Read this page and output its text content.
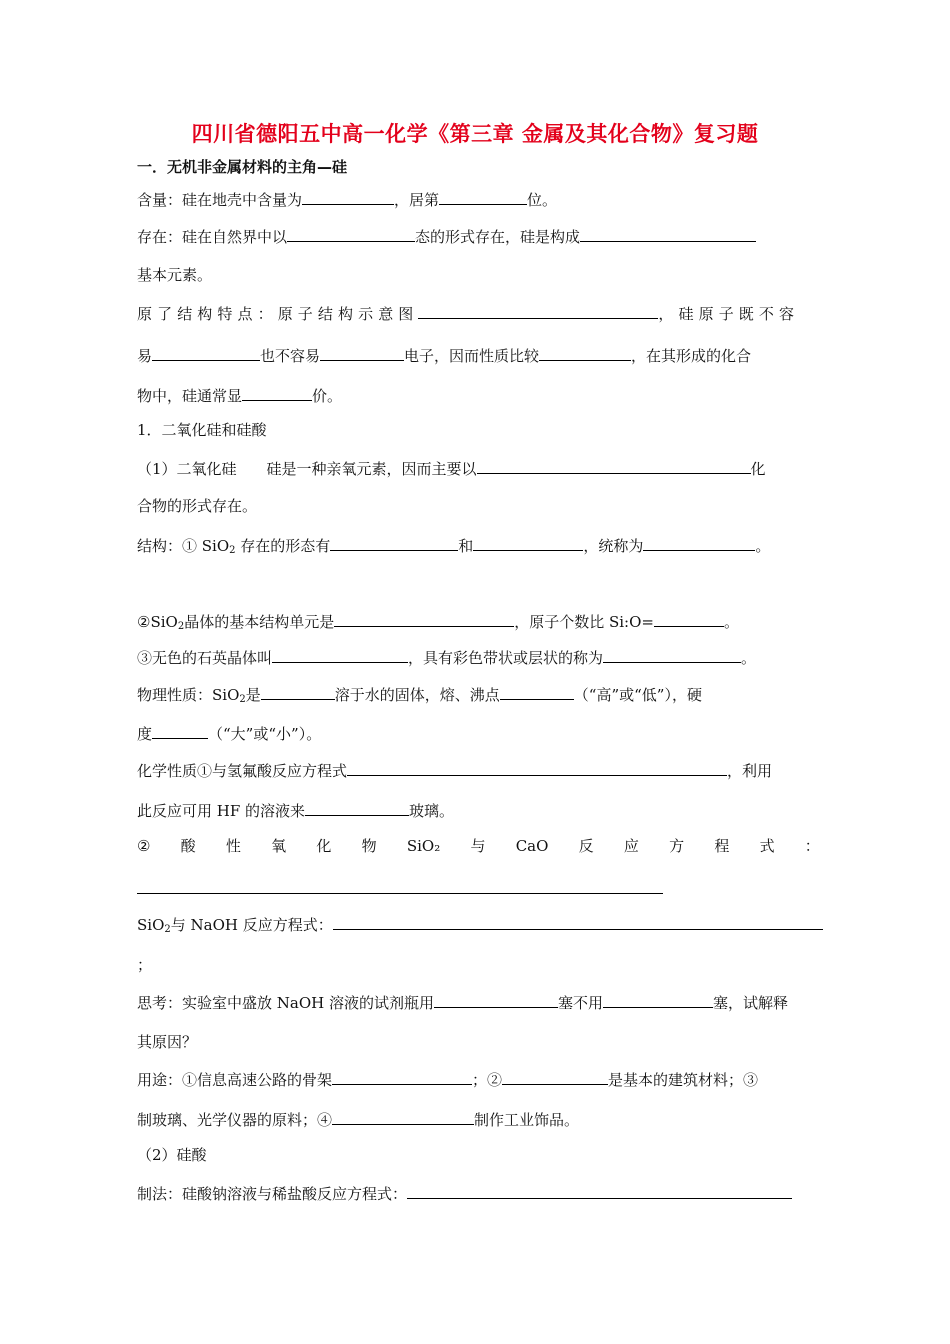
四川省德阳五中高一化学《第三章 金属及其化合物》复习题
一．无机非金属材料的主角—硅
含量：硅在地壳中含量为	，居第	位。
存在：硅在自然界中以	态的形式存在，硅是构成
基本元素。
原了结构特点：原子结构示意图	，硅原子既不容
易	也不容易	电子，因而性质比较	，在其形成的化合
物中，硅通常显	价。
1．二氧化硅和硅酸
（1）二氧化硅　　硅是一种亲氧元素，因而主要以	化
合物的形式存在。
结构：① SiO$_2$ 存在的形态有	和	，统称为	。
②SiO$_2$晶体的基本结构单元是	，原子个数比 Si:O=	。
③无色的石英晶体叫	，具有彩色带状或层状的称为	。
物理性质：SiO$_2$是	溶于水的固体，熔、沸点	（“高”或“低”），硬
度	（“大”或“小”）。
化学性质①与氢氟酸反应方程式	，利用
此反应可用 HF 的溶液来	玻璃。
② 酸 性 氧 化 物 SiO₂ 与 CaO 反 应 方 程 式 ：
SiO$_2$与 NaOH 反应方程式：
；
思考：实验室中盛放 NaOH 溶液的试剂瓶用	塞不用	塞，试解释
其原因？
用途：①信息高速公路的骨架	；②	是基本的建筑材料；③
制玻璃、光学仪器的原料；④	制作工业饰品。
（2）硅酸
制法：硅酸钠溶液与稀盐酸反应方程式：
